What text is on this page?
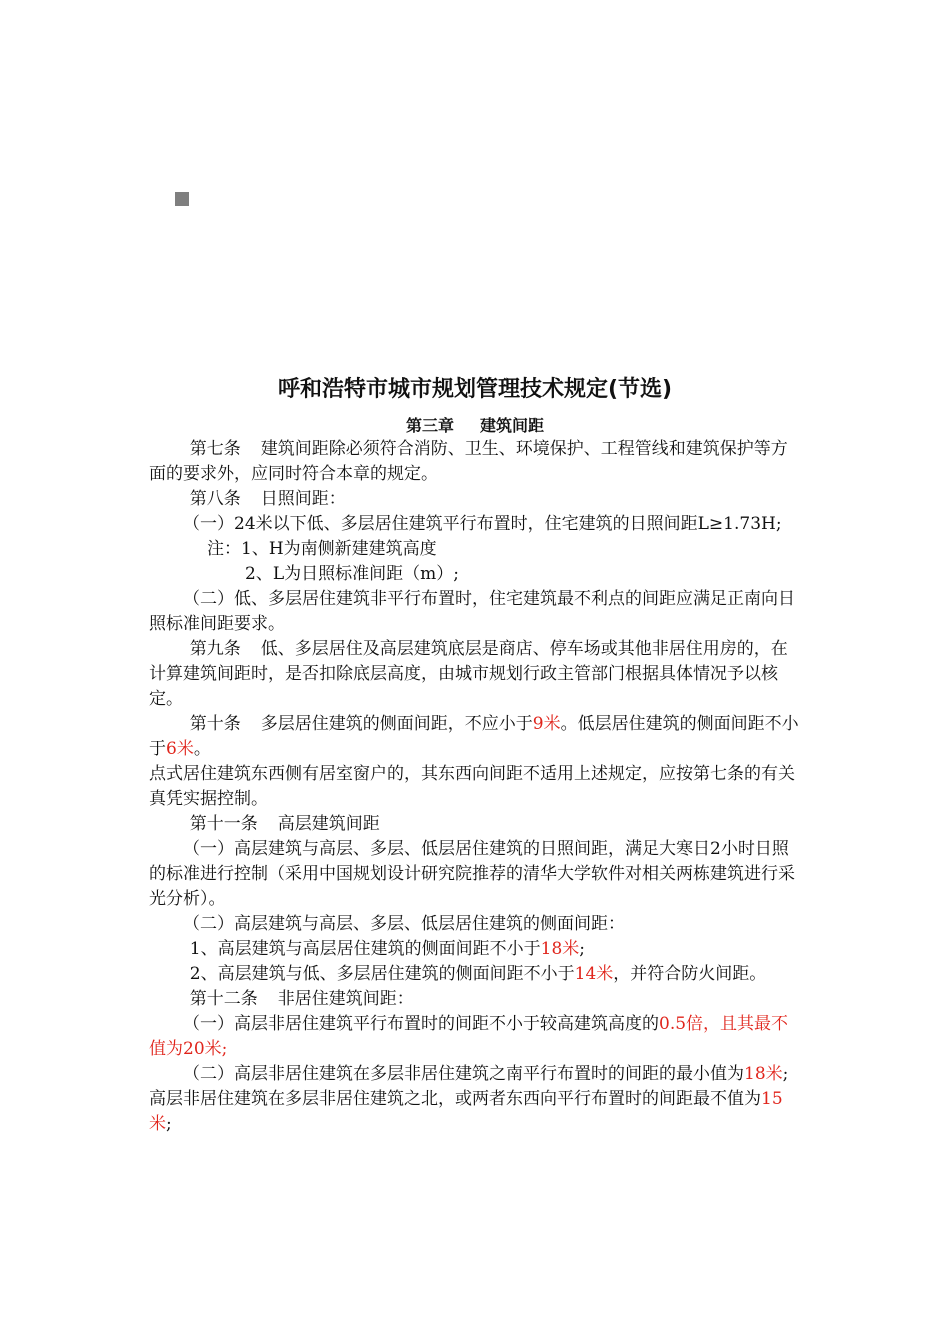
呼和浩特市城市规划管理技术规定(节选)
第三章 建筑间距

第七条 建筑间距除必须符合消防、卫生、环境保护、工程管线和建筑保护等方面的要求外，应同时符合本章的规定。

第八条 日照间距：

（一）24米以下低、多层居住建筑平行布置时，住宅建筑的日照间距L≥1.73H;

注：1、H为南侧新建建筑高度

2、L为日照标准间距（m）;

（二）低、多层居住建筑非平行布置时，住宅建筑最不利点的间距应满足正南向日照标准间距要求。

第九条 低、多层居住及高层建筑底层是商店、停车场或其他非居住用房的，在计算建筑间距时，是否扣除底层高度，由城市规划行政主管部门根据具体情况予以核定。

第十条 多层居住建筑的侧面间距，不应小于9米。低层居住建筑的侧面间距不小于6米。

点式居住建筑东西侧有居室窗户的，其东西向间距不适用上述规定，应按第七条的有关真凭实据控制。

第十一条 高层建筑间距

（一）高层建筑与高层、多层、低层居住建筑的日照间距，满足大寒日2小时日照的标准进行控制（采用中国规划设计研究院推荐的清华大学软件对相关两栋建筑进行采光分析）。

（二）高层建筑与高层、多层、低层居住建筑的侧面间距：

1、高层建筑与高层居住建筑的侧面间距不小于18米;

2、高层建筑与低、多层居住建筑的侧面间距不小于14米，并符合防火间距。

第十二条 非居住建筑间距：

（一）高层非居住建筑平行布置时的间距不小于较高建筑高度的0.5倍，且其最不值为20米;

（二）高层非居住建筑在多层非居住建筑之南平行布置时的间距的最小值为18米;

高层非居住建筑在多层非居住建筑之北，或两者东西向平行布置时的间距最不值为15米;
